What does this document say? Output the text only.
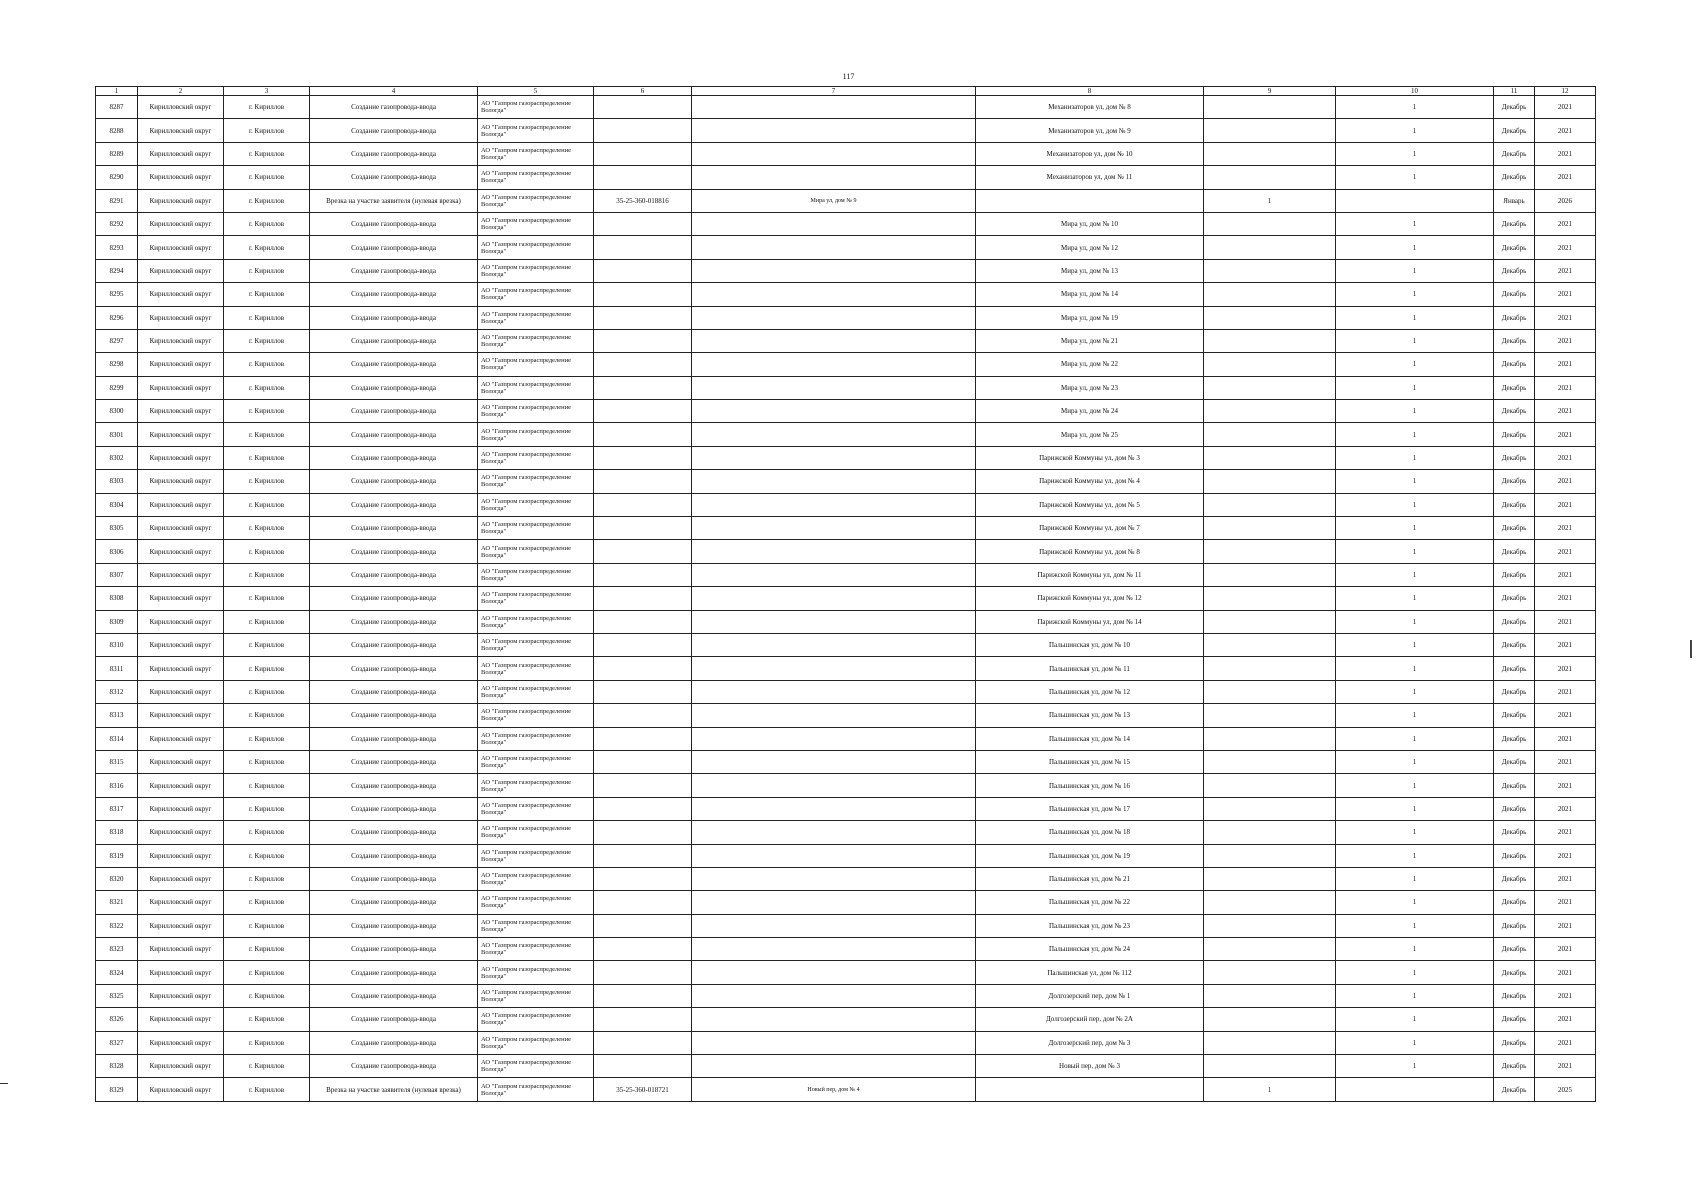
117
1	2	3	4	5	6	7	8	9	10	11	12
8287	Кирилловский округ	г. Кириллов	Создание газопровода-ввода	АО "Газпром газораспределение Вологда"			Механизаторов ул, дом № 8		1	Декабрь	2021
8288	Кирилловский округ	г. Кириллов	Создание газопровода-ввода	АО "Газпром газораспределение Вологда"			Механизаторов ул, дом № 9		1	Декабрь	2021
8289	Кирилловский округ	г. Кириллов	Создание газопровода-ввода	АО "Газпром газораспределение Вологда"			Механизаторов ул, дом № 10		1	Декабрь	2021
8290	Кирилловский округ	г. Кириллов	Создание газопровода-ввода	АО "Газпром газораспределение Вологда"			Механизаторов ул, дом № 11		1	Декабрь	2021
8291	Кирилловский округ	г. Кириллов	Врезка на участке заявителя (нулевая врезка)	АО "Газпром газораспределение Вологда"	35-25-360-018816	Мира ул, дом № 9		1		Январь	2026
8292	Кирилловский округ	г. Кириллов	Создание газопровода-ввода	АО "Газпром газораспределение Вологда"			Мира ул, дом № 10		1	Декабрь	2021
8293	Кирилловский округ	г. Кириллов	Создание газопровода-ввода	АО "Газпром газораспределение Вологда"			Мира ул, дом № 12		1	Декабрь	2021
8294	Кирилловский округ	г. Кириллов	Создание газопровода-ввода	АО "Газпром газораспределение Вологда"			Мира ул, дом № 13		1	Декабрь	2021
8295	Кирилловский округ	г. Кириллов	Создание газопровода-ввода	АО "Газпром газораспределение Вологда"			Мира ул, дом № 14		1	Декабрь	2021
8296	Кирилловский округ	г. Кириллов	Создание газопровода-ввода	АО "Газпром газораспределение Вологда"			Мира ул, дом № 19		1	Декабрь	2021
8297	Кирилловский округ	г. Кириллов	Создание газопровода-ввода	АО "Газпром газораспределение Вологда"			Мира ул, дом № 21		1	Декабрь	2021
8298	Кирилловский округ	г. Кириллов	Создание газопровода-ввода	АО "Газпром газораспределение Вологда"			Мира ул, дом № 22		1	Декабрь	2021
8299	Кирилловский округ	г. Кириллов	Создание газопровода-ввода	АО "Газпром газораспределение Вологда"			Мира ул, дом № 23		1	Декабрь	2021
8300	Кирилловский округ	г. Кириллов	Создание газопровода-ввода	АО "Газпром газораспределение Вологда"			Мира ул, дом № 24		1	Декабрь	2021
8301	Кирилловский округ	г. Кириллов	Создание газопровода-ввода	АО "Газпром газораспределение Вологда"			Мира ул, дом № 25		1	Декабрь	2021
8302	Кирилловский округ	г. Кириллов	Создание газопровода-ввода	АО "Газпром газораспределение Вологда"			Парижской Коммуны ул, дом № 3		1	Декабрь	2021
8303	Кирилловский округ	г. Кириллов	Создание газопровода-ввода	АО "Газпром газораспределение Вологда"			Парижской Коммуны ул, дом № 4		1	Декабрь	2021
8304	Кирилловский округ	г. Кириллов	Создание газопровода-ввода	АО "Газпром газораспределение Вологда"			Парижской Коммуны ул, дом № 5		1	Декабрь	2021
8305	Кирилловский округ	г. Кириллов	Создание газопровода-ввода	АО "Газпром газораспределение Вологда"			Парижской Коммуны ул, дом № 7		1	Декабрь	2021
8306	Кирилловский округ	г. Кириллов	Создание газопровода-ввода	АО "Газпром газораспределение Вологда"			Парижской Коммуны ул, дом № 8		1	Декабрь	2021
8307	Кирилловский округ	г. Кириллов	Создание газопровода-ввода	АО "Газпром газораспределение Вологда"			Парижской Коммуны ул, дом № 11		1	Декабрь	2021
8308	Кирилловский округ	г. Кириллов	Создание газопровода-ввода	АО "Газпром газораспределение Вологда"			Парижской Коммуны ул, дом № 12		1	Декабрь	2021
8309	Кирилловский округ	г. Кириллов	Создание газопровода-ввода	АО "Газпром газораспределение Вологда"			Парижской Коммуны ул, дом № 14		1	Декабрь	2021
8310	Кирилловский округ	г. Кириллов	Создание газопровода-ввода	АО "Газпром газораспределение Вологда"			Пальшинская ул, дом № 10		1	Декабрь	2021
8311	Кирилловский округ	г. Кириллов	Создание газопровода-ввода	АО "Газпром газораспределение Вологда"			Пальшинская ул, дом № 11		1	Декабрь	2021
8312	Кирилловский округ	г. Кириллов	Создание газопровода-ввода	АО "Газпром газораспределение Вологда"			Пальшинская ул, дом № 12		1	Декабрь	2021
8313	Кирилловский округ	г. Кириллов	Создание газопровода-ввода	АО "Газпром газораспределение Вологда"			Пальшинская ул, дом № 13		1	Декабрь	2021
8314	Кирилловский округ	г. Кириллов	Создание газопровода-ввода	АО "Газпром газораспределение Вологда"			Пальшинская ул, дом № 14		1	Декабрь	2021
8315	Кирилловский округ	г. Кириллов	Создание газопровода-ввода	АО "Газпром газораспределение Вологда"			Пальшинская ул, дом № 15		1	Декабрь	2021
8316	Кирилловский округ	г. Кириллов	Создание газопровода-ввода	АО "Газпром газораспределение Вологда"			Пальшинская ул, дом № 16		1	Декабрь	2021
8317	Кирилловский округ	г. Кириллов	Создание газопровода-ввода	АО "Газпром газораспределение Вологда"			Пальшинская ул, дом № 17		1	Декабрь	2021
8318	Кирилловский округ	г. Кириллов	Создание газопровода-ввода	АО "Газпром газораспределение Вологда"			Пальшинская ул, дом № 18		1	Декабрь	2021
8319	Кирилловский округ	г. Кириллов	Создание газопровода-ввода	АО "Газпром газораспределение Вологда"			Пальшинская ул, дом № 19		1	Декабрь	2021
8320	Кирилловский округ	г. Кириллов	Создание газопровода-ввода	АО "Газпром газораспределение Вологда"			Пальшинская ул, дом № 21		1	Декабрь	2021
8321	Кирилловский округ	г. Кириллов	Создание газопровода-ввода	АО "Газпром газораспределение Вологда"			Пальшинская ул, дом № 22		1	Декабрь	2021
8322	Кирилловский округ	г. Кириллов	Создание газопровода-ввода	АО "Газпром газораспределение Вологда"			Пальшинская ул, дом № 23		1	Декабрь	2021
8323	Кирилловский округ	г. Кириллов	Создание газопровода-ввода	АО "Газпром газораспределение Вологда"			Пальшинская ул, дом № 24		1	Декабрь	2021
8324	Кирилловский округ	г. Кириллов	Создание газопровода-ввода	АО "Газпром газораспределение Вологда"			Пальшинская ул, дом № 112		1	Декабрь	2021
8325	Кирилловский округ	г. Кириллов	Создание газопровода-ввода	АО "Газпром газораспределение Вологда"			Долгозерский пер, дом № 1		1	Декабрь	2021
8326	Кирилловский округ	г. Кириллов	Создание газопровода-ввода	АО "Газпром газораспределение Вологда"			Долгозерский пер, дом № 2А		1	Декабрь	2021
8327	Кирилловский округ	г. Кириллов	Создание газопровода-ввода	АО "Газпром газораспределение Вологда"			Долгозерский пер, дом № 3		1	Декабрь	2021
8328	Кирилловский округ	г. Кириллов	Создание газопровода-ввода	АО "Газпром газораспределение Вологда"			Новый пер, дом № 3		1	Декабрь	2021
8329	Кирилловский округ	г. Кириллов	Врезка на участке заявителя (нулевая врезка)	АО "Газпром газораспределение Вологда"	35-25-360-018721	Новый пер, дом № 4		1		Декабрь	2025
